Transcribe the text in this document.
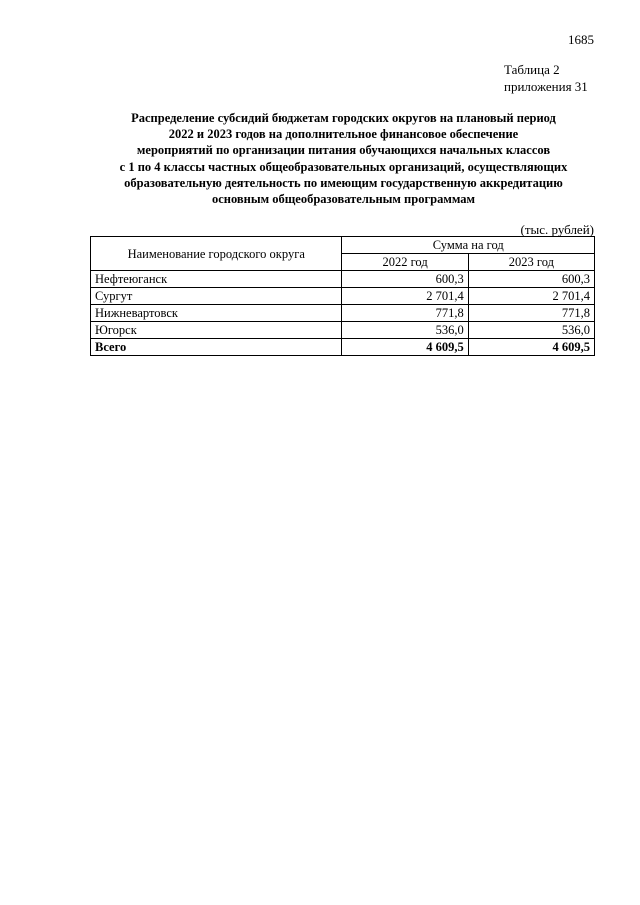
1685
Таблица 2
приложения 31
Распределение субсидий бюджетам городских округов на плановый период
2022 и 2023 годов на дополнительное финансовое обеспечение
мероприятий по организации питания обучающихся начальных классов
с 1 по 4 классы частных общеобразовательных организаций, осуществляющих
образовательную деятельность по имеющим государственную аккредитацию
основным общеобразовательным программам
(тыс. рублей)
Наименование городского округа	Сумма на год	
	2022 год	2023 год
Нефтеюганск	600,3	600,3
Сургут	2 701,4	2 701,4
Нижневартовск	771,8	771,8
Югорск	536,0	536,0
Всего	4 609,5	4 609,5
